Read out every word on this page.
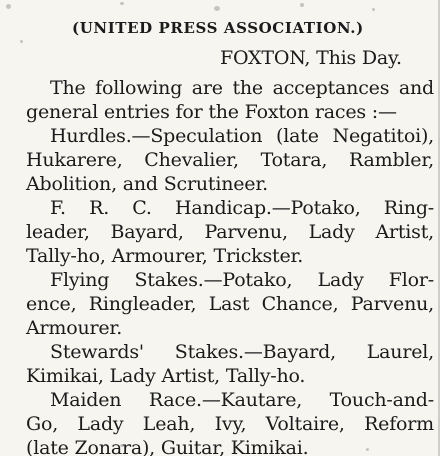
(UNITED PRESS ASSOCIATION.)
FOXTON, This Day.
The following are the acceptances and
general entries for the Foxton races :—
Hurdles.—Speculation (late Negatitoi),
Hukarere, Chevalier, Totara, Rambler,
Abolition, and Scrutineer.
F. R. C. Handicap.—Potako, Ring-
leader, Bayard, Parvenu, Lady Artist,
Tally-ho, Armourer, Trickster.
Flying Stakes.—Potako, Lady Flor-
ence, Ringleader, Last Chance, Parvenu,
Armourer.
Stewards' Stakes.—Bayard, Laurel,
Kimikai, Lady Artist, Tally-ho.
Maiden Race.—Kautare, Touch-and-
Go, Lady Leah, Ivy, Voltaire, Reform
(late Zonara), Guitar, Kimikai.
